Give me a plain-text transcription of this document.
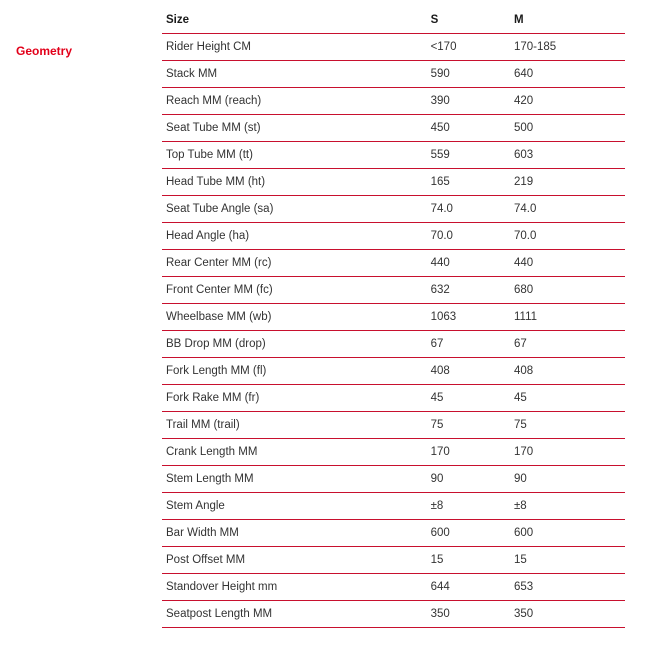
Geometry
Size	S	M
Rider Height CM	<170	170-185
Stack MM	590	640
Reach MM (reach)	390	420
Seat Tube MM (st)	450	500
Top Tube MM (tt)	559	603
Head Tube MM (ht)	165	219
Seat Tube Angle (sa)	74.0	74.0
Head Angle (ha)	70.0	70.0
Rear Center MM (rc)	440	440
Front Center MM (fc)	632	680
Wheelbase MM (wb)	1063	1111
BB Drop MM (drop)	67	67
Fork Length MM (fl)	408	408
Fork Rake MM (fr)	45	45
Trail MM (trail)	75	75
Crank Length MM	170	170
Stem Length MM	90	90
Stem Angle	±8	±8
Bar Width MM	600	600
Post Offset MM	15	15
Standover Height mm	644	653
Seatpost Length MM	350	350
